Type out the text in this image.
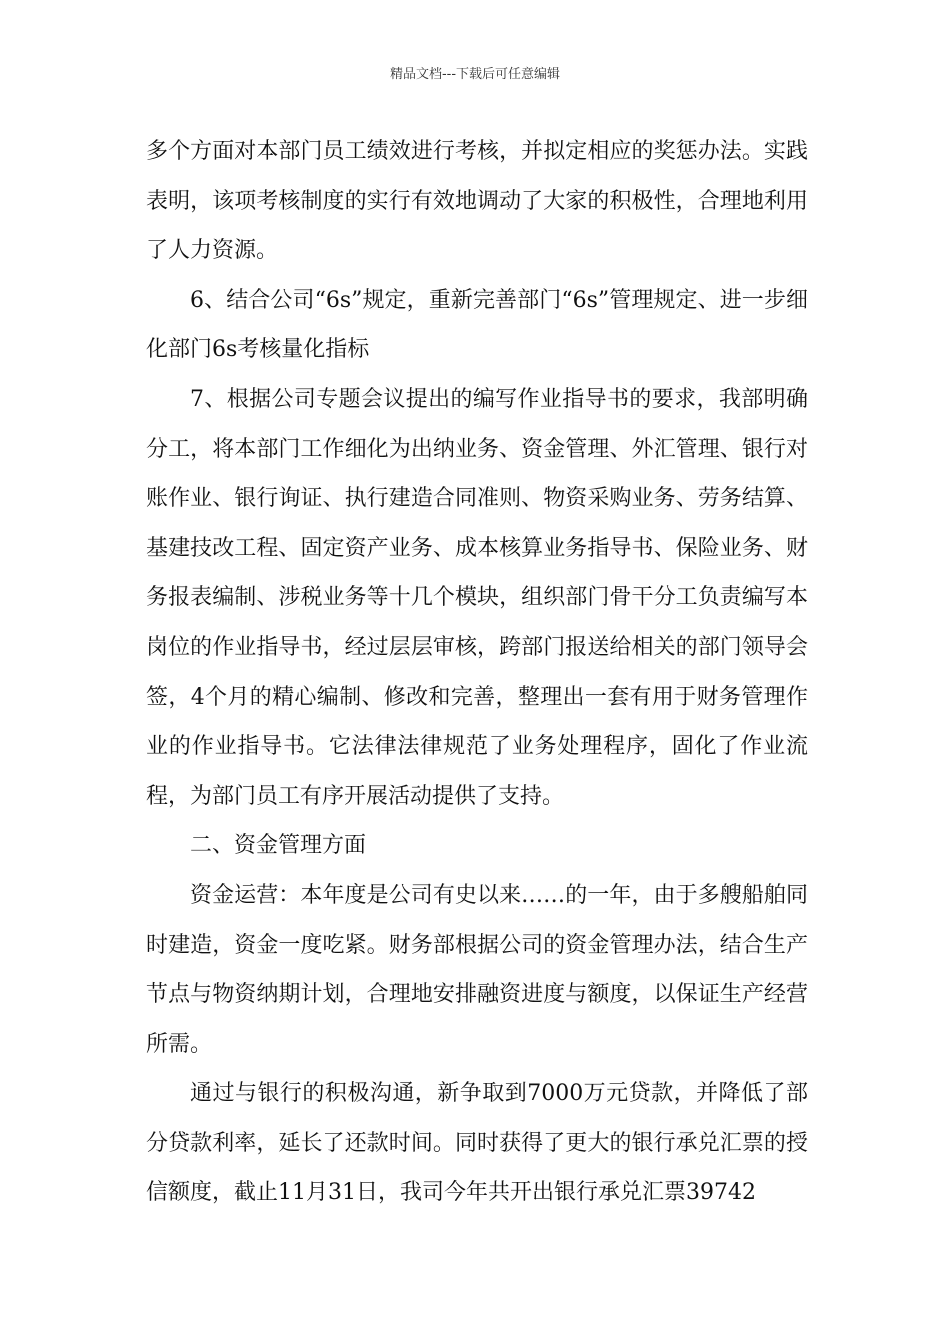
精品文档---下载后可任意编辑

多个方面对本部门员工绩效进行考核，并拟定相应的奖惩办法。实践表明，该项考核制度的实行有效地调动了大家的积极性，合理地利用了人力资源。

6、结合公司“6s”规定，重新完善部门“6s”管理规定、进一步细化部门6s考核量化指标

7、根据公司专题会议提出的编写作业指导书的要求，我部明确分工，将本部门工作细化为出纳业务、资金管理、外汇管理、银行对账作业、银行询证、执行建造合同准则、物资采购业务、劳务结算、基建技改工程、固定资产业务、成本核算业务指导书、保险业务、财务报表编制、涉税业务等十几个模块，组织部门骨干分工负责编写本岗位的作业指导书，经过层层审核，跨部门报送给相关的部门领导会签，4个月的精心编制、修改和完善，整理出一套有用于财务管理作业的作业指导书。它法律法律规范了业务处理程序，固化了作业流程，为部门员工有序开展活动提供了支持。

二、资金管理方面

资金运营：本年度是公司有史以来……的一年，由于多艘船舶同时建造，资金一度吃紧。财务部根据公司的资金管理办法，结合生产节点与物资纳期计划，合理地安排融资进度与额度，以保证生产经营所需。

通过与银行的积极沟通，新争取到7000万元贷款，并降低了部分贷款利率，延长了还款时间。同时获得了更大的银行承兑汇票的授信额度，截止11月31日，我司今年共开出银行承兑汇票39742
